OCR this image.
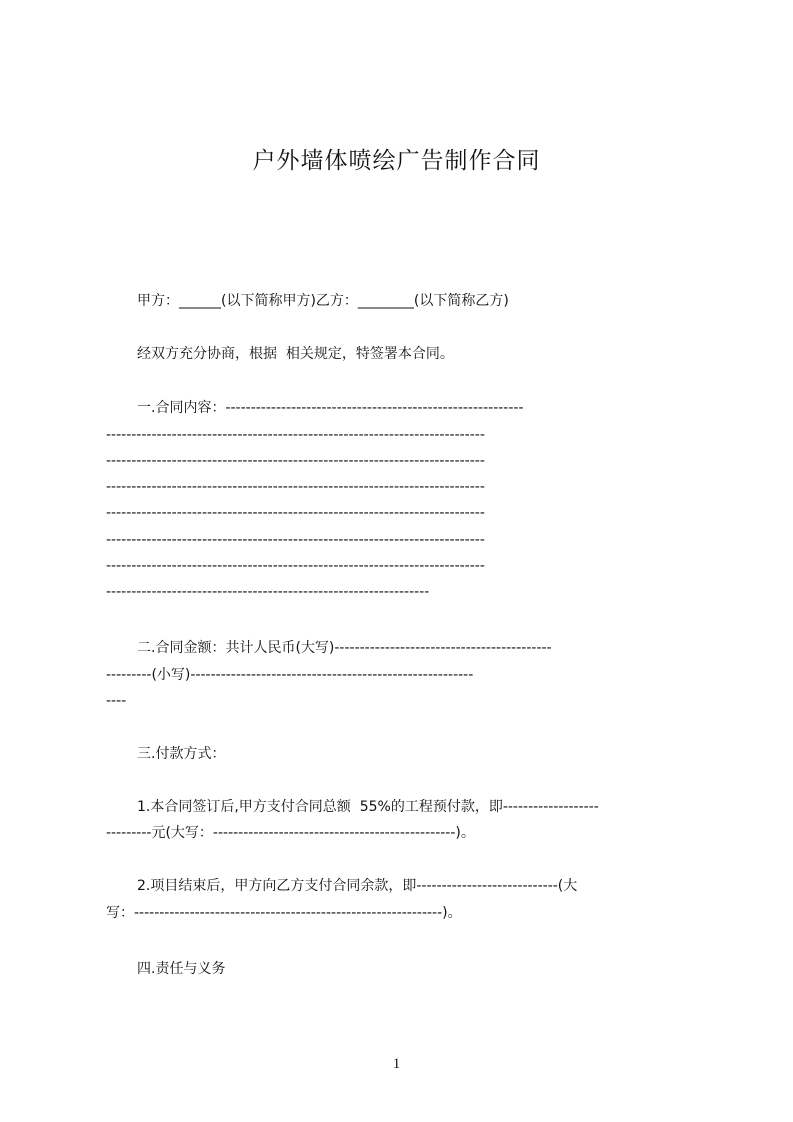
户外墙体喷绘广告制作合同
甲方：______(以下简称甲方)乙方：________(以下简称乙方)
经双方充分协商，根据  相关规定，特签署本合同。
一.合同内容：-----------------------------------------------------------
---------------------------------------------------------------------------
---------------------------------------------------------------------------
---------------------------------------------------------------------------
---------------------------------------------------------------------------
---------------------------------------------------------------------------
---------------------------------------------------------------------------
----------------------------------------------------------------
二.合同金额：共计人民币(大写)-------------------------------------------
---------(小写)--------------------------------------------------------
----
三.付款方式：
1.本合同签订后,甲方支付合同总额  55%的工程预付款，即-------------------
---------元(大写：------------------------------------------------)。
2.项目结束后，甲方向乙方支付合同余款，即----------------------------(大
写：-------------------------------------------------------------)。
四.责任与义务
1
